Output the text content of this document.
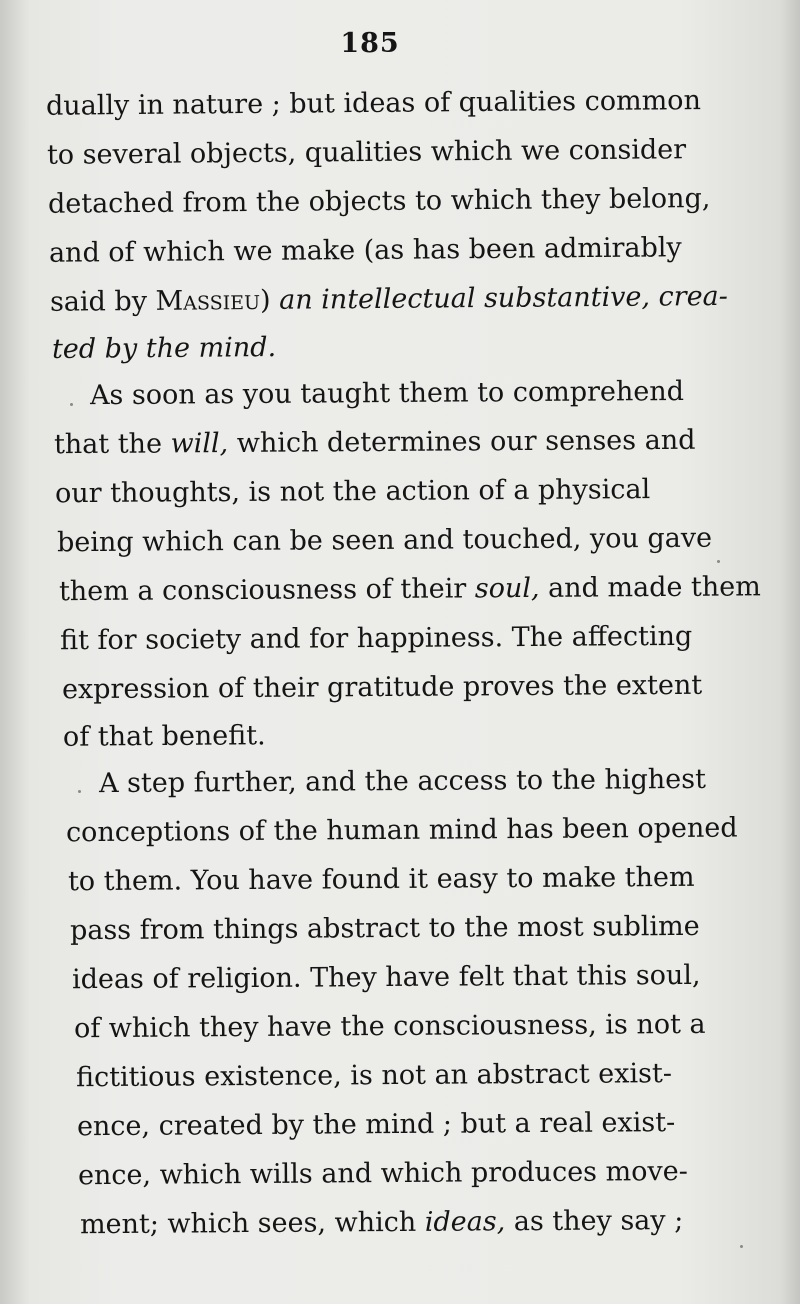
185
dually in nature ; but ideas of qualities common
to several objects, qualities which we consider
detached from the objects to which they belong,
and of which we make (as has been admirably
said by Massieu) an intellectual substantive, crea-
ted by the mind.
As soon as you taught them to comprehend
that the will, which determines our senses and
our thoughts, is not the action of a physical
being which can be seen and touched, you gave
them a consciousness of their soul, and made them
fit for society and for happiness. The affecting
expression of their gratitude proves the extent
of that benefit.
A step further, and the access to the highest
conceptions of the human mind has been opened
to them. You have found it easy to make them
pass from things abstract to the most sublime
ideas of religion. They have felt that this soul,
of which they have the consciousness, is not a
fictitious existence, is not an abstract exist-
ence, created by the mind ; but a real exist-
ence, which wills and which produces move-
ment; which sees, which ideas, as they say ;
